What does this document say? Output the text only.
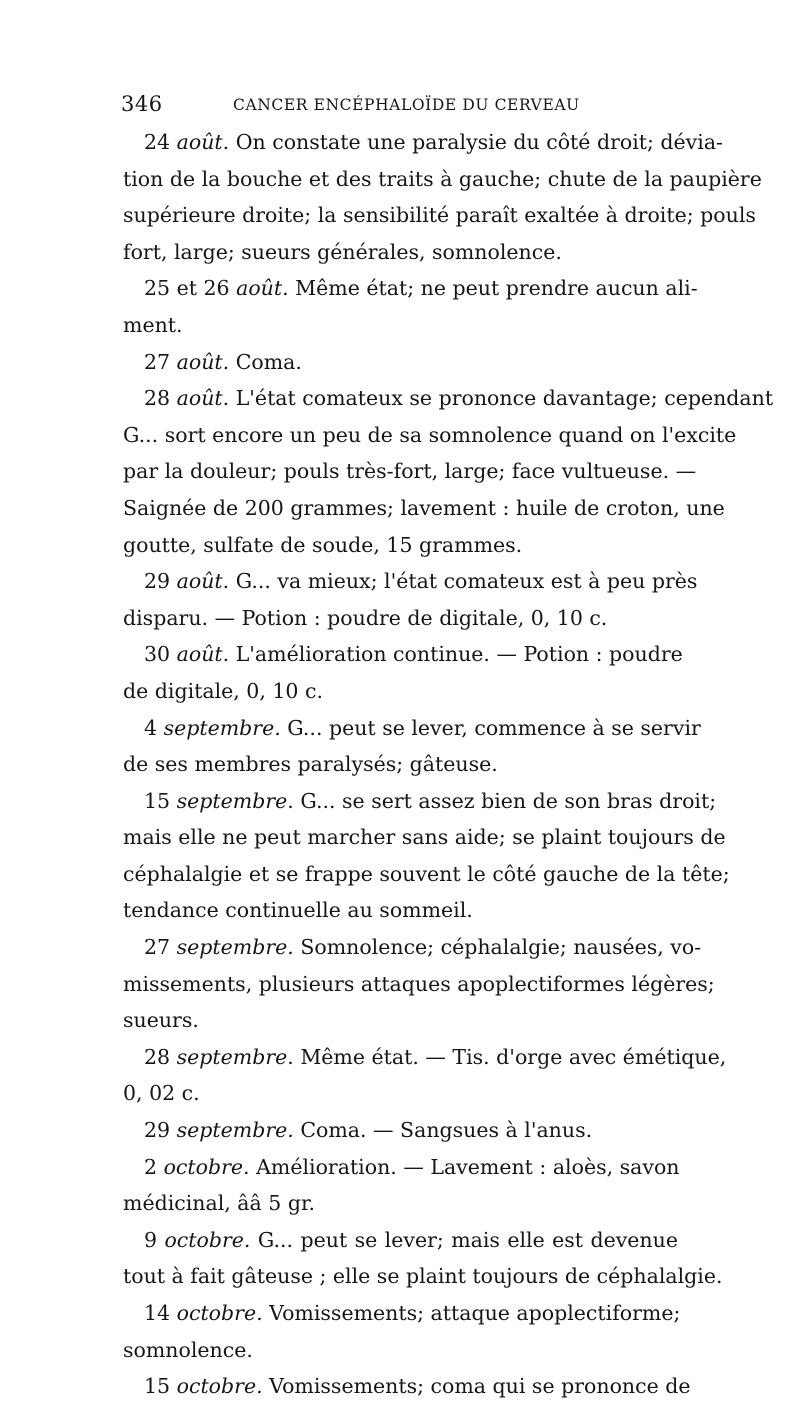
346	CANCER ENCÉPHALOÏDE DU CERVEAU
24 août. On constate une paralysie du côté droit; dévia-
tion de la bouche et des traits à gauche; chute de la paupière
supérieure droite; la sensibilité paraît exaltée à droite; pouls
fort, large; sueurs générales, somnolence.
25 et 26 août. Même état; ne peut prendre aucun ali-
ment.
27 août. Coma.
28 août. L'état comateux se prononce davantage; cependant
G... sort encore un peu de sa somnolence quand on l'excite
par la douleur; pouls très-fort, large; face vultueuse. —
Saignée de 200 grammes; lavement : huile de croton, une
goutte, sulfate de soude, 15 grammes.
29 août. G... va mieux; l'état comateux est à peu près
disparu. — Potion : poudre de digitale, 0, 10 c.
30 août. L'amélioration continue. — Potion : poudre
de digitale, 0, 10 c.
4 septembre. G... peut se lever, commence à se servir
de ses membres paralysés; gâteuse.
15 septembre. G... se sert assez bien de son bras droit;
mais elle ne peut marcher sans aide; se plaint toujours de
céphalalgie et se frappe souvent le côté gauche de la tête;
tendance continuelle au sommeil.
27 septembre. Somnolence; céphalalgie; nausées, vo-
missements, plusieurs attaques apoplectiformes légères;
sueurs.
28 septembre. Même état. — Tis. d'orge avec émétique,
0, 02 c.
29 septembre. Coma. — Sangsues à l'anus.
2 octobre. Amélioration. — Lavement : aloès, savon
médicinal, ââ 5 gr.
9 octobre. G... peut se lever; mais elle est devenue
tout à fait gâteuse ; elle se plaint toujours de céphalalgie.
14 octobre. Vomissements; attaque apoplectiforme;
somnolence.
15 octobre. Vomissements; coma qui se prononce de
